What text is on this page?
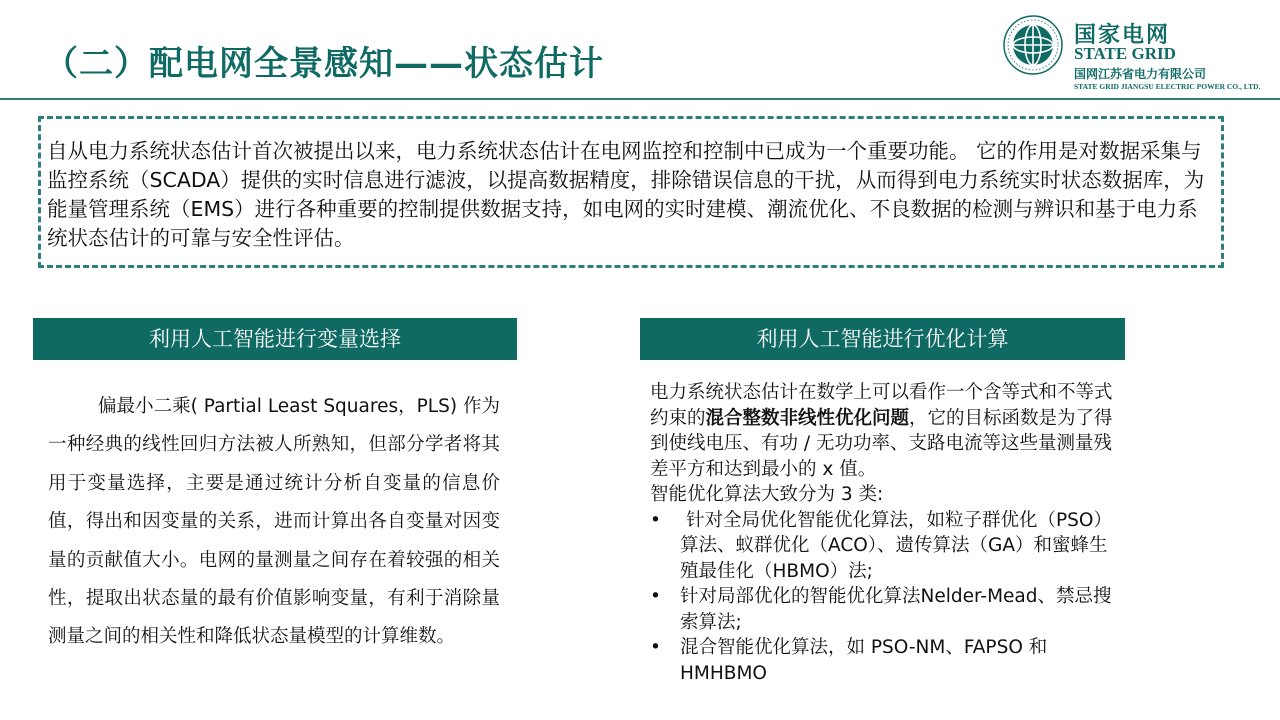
（二）配电网全景感知——状态估计
国家电网
STATE GRID
国网江苏省电力有限公司
STATE GRID JIANGSU ELECTRIC POWER CO., LTD.

自从电力系统状态估计首次被提出以来，电力系统状态估计在电网监控和控制中已成为一个重要功能。 它的作用是对数据采集与监控系统（SCADA）提供的实时信息进行滤波，以提高数据精度，排除错误信息的干扰，从而得到电力系统实时状态数据库，为能量管理系统（EMS）进行各种重要的控制提供数据支持，如电网的实时建模、潮流优化、不良数据的检测与辨识和基于电力系统状态估计的可靠与安全性评估。

利用人工智能进行变量选择	利用人工智能进行优化计算

偏最小二乘( Partial Least Squares，PLS) 作为一种经典的线性回归方法被人所熟知，但部分学者将其用于变量选择，主要是通过统计分析自变量的信息价值，得出和因变量的关系，进而计算出各自变量对因变量的贡献值大小。电网的量测量之间存在着较强的相关性，提取出状态量的最有价值影响变量，有利于消除量测量之间的相关性和降低状态量模型的计算维数。

电力系统状态估计在数学上可以看作一个含等式和不等式约束的混合整数非线性优化问题，它的目标函数是为了得到使线电压、有功 / 无功功率、支路电流等这些量测量残差平方和达到最小的 x 值。

智能优化算法大致分为 3 类:

•	针对全局优化智能优化算法，如粒子群优化（PSO）算法、蚁群优化（ACO）、遗传算法（GA）和蜜蜂生殖最佳化（HBMO）法;
•	针对局部优化的智能优化算法Nelder-Mead、禁忌搜索算法;
•	混合智能优化算法，如 PSO-NM、FAPSO 和 HMHBMO
